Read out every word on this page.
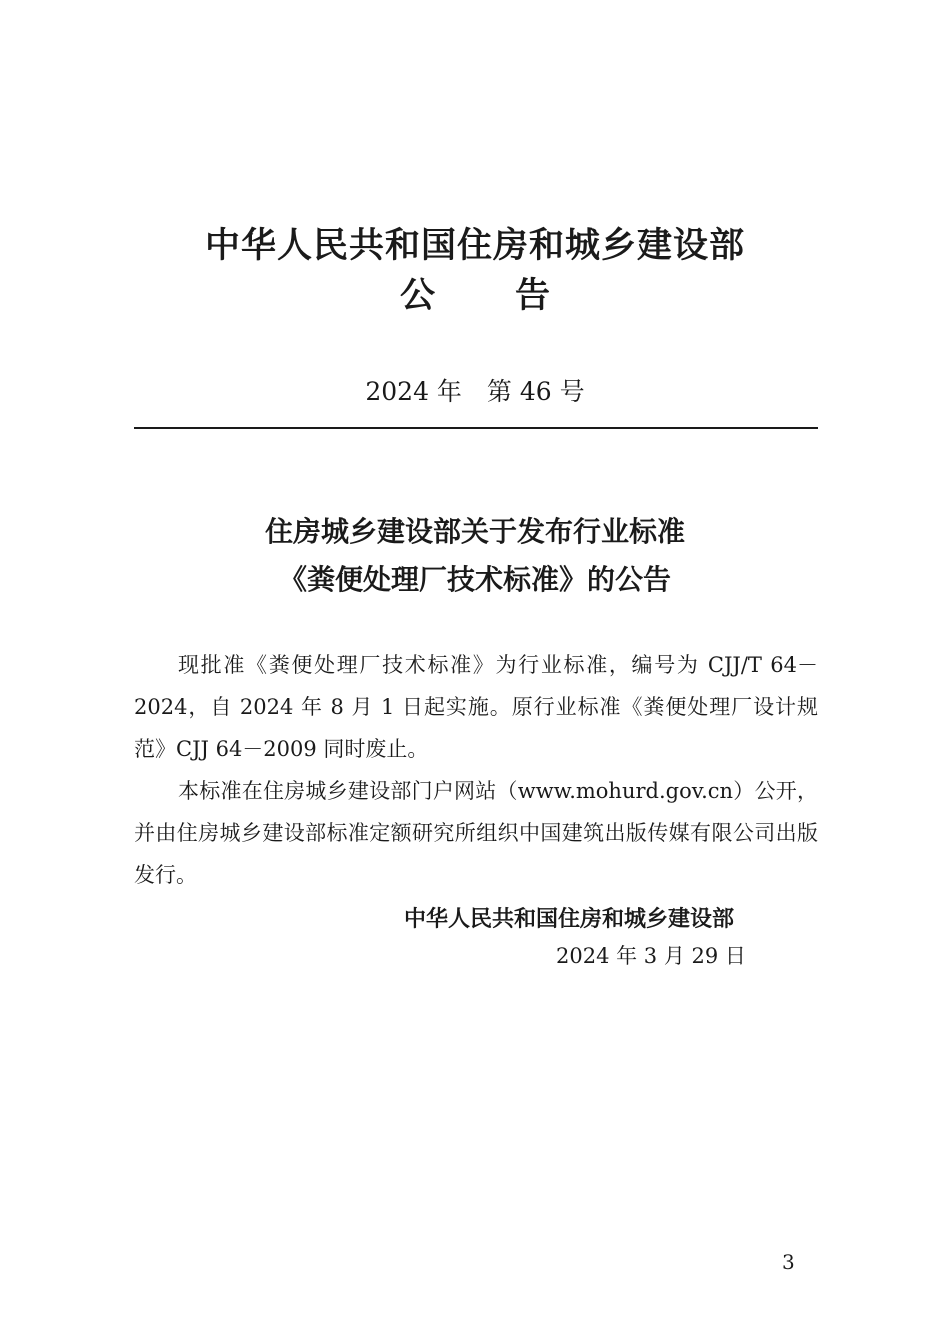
中华人民共和国住房和城乡建设部
公告

2024 年　第 46 号

住房城乡建设部关于发布行业标准
《粪便处理厂技术标准》的公告

现批准《粪便处理厂技术标准》为行业标准，编号为 CJJ/T 64－2024，自 2024 年 8 月 1 日起实施。原行业标准《粪便处理厂设计规范》CJJ 64－2009 同时废止。

本标准在住房城乡建设部门户网站（www.mohurd.gov.cn）公开，并由住房城乡建设部标准定额研究所组织中国建筑出版传媒有限公司出版发行。

中华人民共和国住房和城乡建设部

2024 年 3 月 29 日

3
